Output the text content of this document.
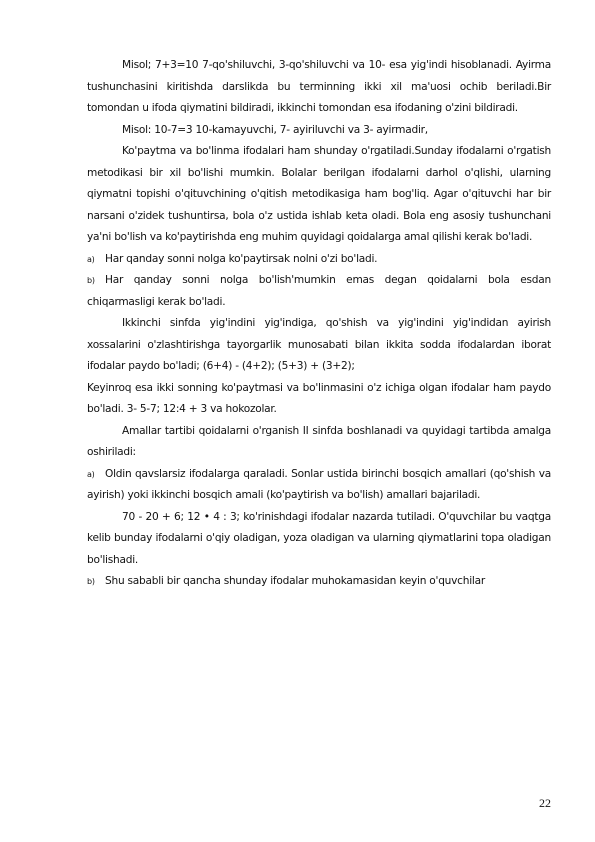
Misol; 7+3=10 7-qo'shiluvchi, 3-qo'shiluvchi va 10- esa yig'indi hisoblanadi. Ayirma tushunchasini kiritishda darslikda bu terminning ikki xil ma'uosi ochib beriladi.Bir tomondan u ifoda qiymatini bildiradi, ikkinchi tomondan esa ifodaning o'zini bildiradi.

Misol: 10-7=3 10-kamayuvchi, 7- ayiriluvchi va 3- ayirmadir,

Ko'paytma va bo'linma ifodalari ham shunday o'rgatiladi.Sunday ifodalarni o'rgatish metodikasi bir xil bo'lishi mumkin. Bolalar berilgan ifodalarni darhol o'qlishi, ularning qiymatni topishi o'qituvchining o'qitish metodikasiga ham bog'liq. Agar o'qituvchi har bir narsani o'zidek tushuntirsa, bola o'z ustida ishlab keta oladi. Bola eng asosiy tushunchani ya'ni bo'lish va ko'paytirishda eng muhim quyidagi qoidalarga amal qilishi kerak bo'ladi.

a) Har qanday sonni nolga ko'paytirsak nolni o'zi bo'ladi.

b) Har qanday sonni nolga bo'lish'mumkin emas degan qoidalarni bola esdan chiqarmasligi kerak bo'ladi.

Ikkinchi sinfda yig'indini yig'indiga, qo'shish va yig'indini yig'indidan ayirish xossalarini o'zlashtirishga tayorgarlik munosabati bilan ikkita sodda ifodalardan iborat ifodalar paydo bo'ladi; (6+4) - (4+2); (5+3) + (3+2);

Keyinroq esa ikki sonning ko'paytmasi va bo'linmasini o'z ichiga olgan ifodalar ham paydo bo'ladi. 3- 5-7; 12:4 + 3 va hokozolar.

Amallar tartibi qoidalarni o'rganish II sinfda boshlanadi va quyidagi tartibda amalga oshiriladi:

a) Oldin qavslarsiz ifodalarga qaraladi. Sonlar ustida birinchi bosqich amallari (qo'shish va ayirish) yoki ikkinchi bosqich amali (ko'paytirish va bo'lish) amallari bajariladi.

70 - 20 + 6; 12 • 4 : 3; ko'rinishdagi ifodalar nazarda tutiladi. O'quvchilar bu vaqtga kelib bunday ifodalarni o'qiy oladigan, yoza oladigan va ularning qiymatlarini topa oladigan bo'lishadi.

b) Shu sababli bir qancha shunday ifodalar muhokamasidan keyin o'quvchilar

22
